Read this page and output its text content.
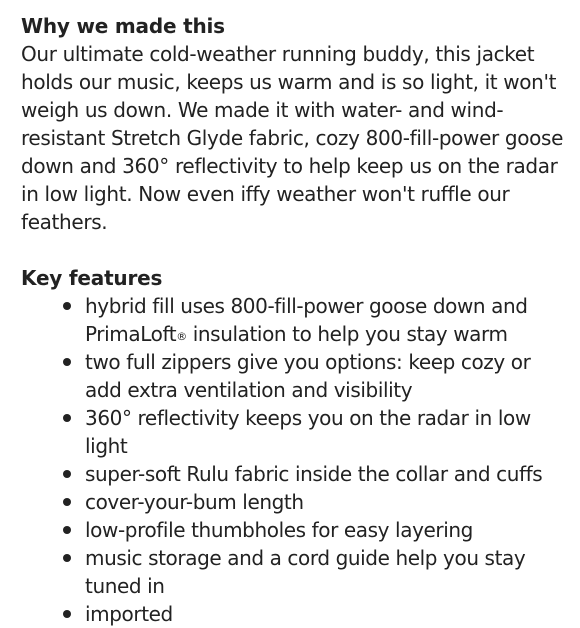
Why we made this

Our ultimate cold-weather running buddy, this jacket holds our music, keeps us warm and is so light, it won't weigh us down. We made it with water- and wind-resistant Stretch Glyde fabric, cozy 800-fill-power goose down and 360° reflectivity to help keep us on the radar in low light. Now even iffy weather won't ruffle our feathers.

Key features
hybrid fill uses 800-fill-power goose down and PrimaLoft® insulation to help you stay warm
two full zippers give you options: keep cozy or add extra ventilation and visibility
360° reflectivity keeps you on the radar in low light
super-soft Rulu fabric inside the collar and cuffs
cover-your-bum length
low-profile thumbholes for easy layering
music storage and a cord guide help you stay tuned in
imported
